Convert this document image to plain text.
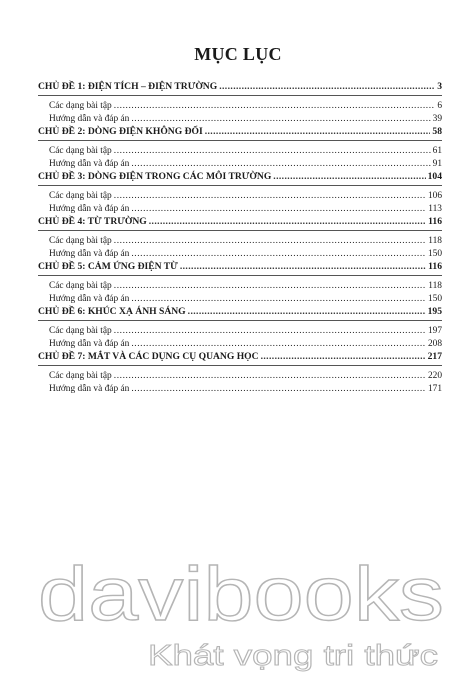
MỤC LỤC
CHỦ ĐỀ 1: ĐIỆN TÍCH – ĐIỆN TRƯỜNG .....	3
Các dạng bài tập .....	6
Hướng dẫn và đáp án .....	39
CHỦ ĐỀ 2: DÒNG ĐIỆN KHÔNG ĐỔI .....	58
Các dạng bài tập .....	61
Hướng dẫn và đáp án .....	91
CHỦ ĐỀ 3: DÒNG ĐIỆN TRONG CÁC MÔI TRƯỜNG .....	104
Các dạng bài tập .....	106
Hướng dẫn và đáp án .....	113
CHỦ ĐỀ 4: TỪ TRƯỜNG .....	116
Các dạng bài tập .....	118
Hướng dẫn và đáp án .....	150
CHỦ ĐỀ 5: CẢM ỨNG ĐIỆN TỪ .....	116
Các dạng bài tập .....	118
Hướng dẫn và đáp án .....	150
CHỦ ĐỀ 6: KHÚC XẠ ÁNH SÁNG .....	195
Các dạng bài tập .....	197
Hướng dẫn và đáp án .....	208
CHỦ ĐỀ 7: MẮT VÀ CÁC DỤNG CỤ QUANG HỌC .....	217
Các dạng bài tập .....	220
Hướng dẫn và đáp án .....	171
davibooks
Khát vọng tri thức
